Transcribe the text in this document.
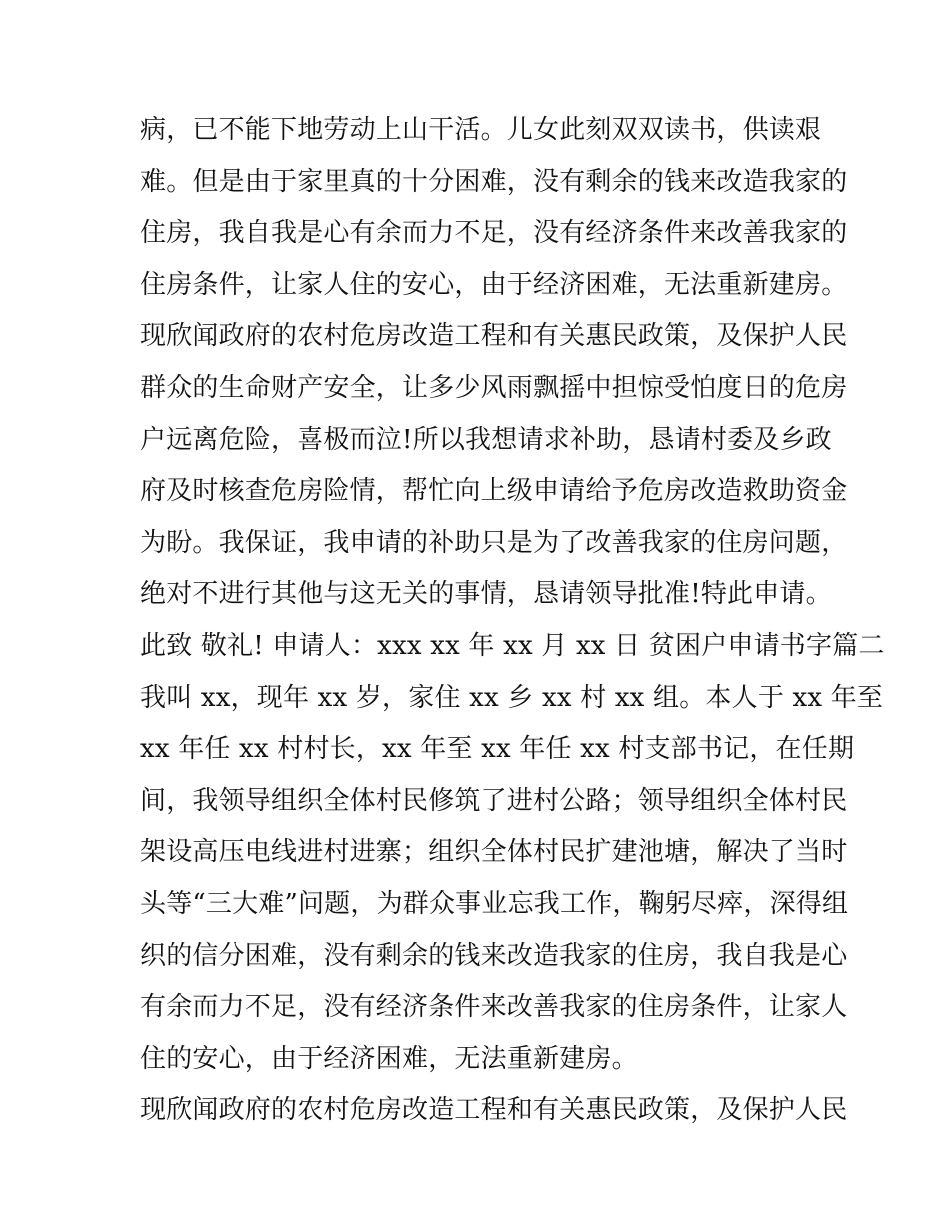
病，已不能下地劳动上山干活。儿女此刻双双读书，供读艰
难。但是由于家里真的十分困难，没有剩余的钱来改造我家的
住房，我自我是心有余而力不足，没有经济条件来改善我家的
住房条件，让家人住的安心，由于经济困难，无法重新建房。
现欣闻政府的农村危房改造工程和有关惠民政策，及保护人民
群众的生命财产安全，让多少风雨飘摇中担惊受怕度日的危房
户远离危险，喜极而泣!所以我想请求补助，恳请村委及乡政
府及时核查危房险情，帮忙向上级申请给予危房改造救助资金
为盼。我保证，我申请的补助只是为了改善我家的住房问题，
绝对不进行其他与这无关的事情，恳请领导批准!特此申请。
此致 敬礼! 申请人：xxx xx 年 xx 月 xx 日 贫困户申请书字篇二
我叫 xx，现年 xx 岁，家住 xx 乡 xx 村 xx 组。本人于 xx 年至
xx 年任 xx 村村长，xx 年至 xx 年任 xx 村支部书记，在任期
间，我领导组织全体村民修筑了进村公路；领导组织全体村民
架设高压电线进村进寨；组织全体村民扩建池塘，解决了当时
头等“三大难”问题，为群众事业忘我工作，鞠躬尽瘁，深得组
织的信分困难，没有剩余的钱来改造我家的住房，我自我是心
有余而力不足，没有经济条件来改善我家的住房条件，让家人
住的安心，由于经济困难，无法重新建房。
现欣闻政府的农村危房改造工程和有关惠民政策，及保护人民
